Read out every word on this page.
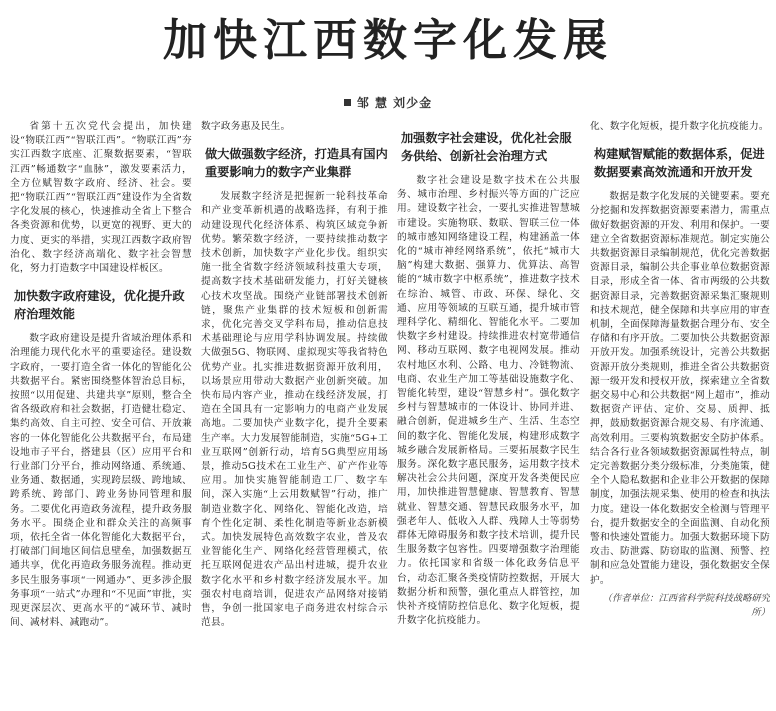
加快江西数字化发展
邹 慧 刘少金

省第十五次党代会提出，加快建设“物联江西”“智联江西”。“物联江西”夯实江西数字底座、汇聚数据要素，“智联江西”畅通数字“血脉”，激发要素活力，全方位赋智数字政府、经济、社会。要把“物联江西”“智联江西”建设作为全省数字化发展的核心，快速推动全省上下整合各类资源和优势，以更宽的视野、更大的力度、更实的举措，实现江西数字政府智治化、数字经济高端化、数字社会智慧化，努力打造数字中国建设样板区。

加快数字政府建设，优化提升政府治理效能

数字政府建设是提升省域治理体系和治理能力现代化水平的重要途径。建设数字政府，一要打造全省一体化的智能化公共数据平台。紧密围绕整体智治总目标，按照“以用促建、共建共享”原则，整合全省各级政府和社会数据，打造健壮稳定、集约高效、自主可控、安全可信、开放兼容的一体化智能化公共数据平台，布局建设地市子平台，搭建县（区）应用平台和行业部门分平台，推动网络通、系统通、业务通、数据通，实现跨层级、跨地域、跨系统、跨部门、跨业务协同管理和服务。二要优化再造政务流程，提升政务服务水平。围绕企业和群众关注的高频事项，依托全省一体化智能化大数据平台，打破部门间地区间信息壁垒，加强数据互通共享，优化再造政务服务流程。推动更多民生服务事项“一网通办”、更多涉企服务事项“一站式”办理和“不见面”审批，实现更深层次、更高水平的“减环节、减时间、减材料、减跑动”。

数字政务惠及民生。

做大做强数字经济，打造具有国内重要影响力的数字产业集群

发展数字经济是把握新一轮科技革命和产业变革新机遇的战略选择，有利于推动建设现代化经济体系、构筑区域竞争新优势。繁荣数字经济，一要持续推动数字技术创新，加快数字产业化步伐。组织实施一批全省数字经济领域科技重大专项，提高数字技术基础研发能力，打好关键核心技术攻坚战。围绕产业链部署技术创新链，聚焦产业集群的技术短板和创新需求，优化完善交叉学科布局，推动信息技术基础理论与应用学科协调发展。持续做大做强5G、物联网、虚拟现实等我省特色优势产业。扎实推进数据资源开放利用，以场景应用带动大数据产业创新突破。加快布局内容产业，推动在线经济发展，打造在全国具有一定影响力的电商产业发展高地。二要加快产业数字化，提升全要素生产率。大力发展智能制造，实施“5G+工业互联网”创新行动，培育5G典型应用场景，推动5G技术在工业生产、矿产作业等应用。加快实施智能制造工厂、数字车间，深入实施“上云用数赋智”行动，推广制造业数字化、网络化、智能化改造，培育个性化定制、柔性化制造等新业态新模式。加快发展特色高效数字农业，普及农业智能化生产、网络化经营管理模式，依托互联网促进农产品出村进城，提升农业数字化水平和乡村数字经济发展水平。加强农村电商培训，促进农产品网络对接销售，争创一批国家电子商务进农村综合示范县。

加强数字社会建设，优化社会服务供给、创新社会治理方式

数字社会建设是数字技术在公共服务、城市治理、乡村振兴等方面的广泛应用。建设数字社会，一要扎实推进智慧城市建设。实施物联、数联、智联三位一体的城市感知网络建设工程，构建涵盖一体化的“城市神经网络系统”，依托“城市大脑”构建大数据、强算力、优算法、高智能的“城市数字中枢系统”，推进数字技术在综治、城管、市政、环保、绿化、交通、应用等领域的互联互通，提升城市管理科学化、精细化、智能化水平。二要加快数字乡村建设。持续推进农村宽带通信网、移动互联网、数字电视网发展。推动农村地区水利、公路、电力、冷链物流、电商、农业生产加工等基础设施数字化、智能化转型，建设“智慧乡村”。强化数字乡村与智慧城市的一体设计、协同并进、融合创新，促进城乡生产、生活、生态空间的数字化、智能化发展，构建形成数字城乡融合发展新格局。三要拓展数字民生服务。深化数字惠民服务，运用数字技术解决社会公共问题，深度开发各类便民应用，加快推进智慧健康、智慧教育、智慧就业、智慧交通、智慧民政服务水平，加强老年人、低收入人群、残障人士等弱势群体无障碍服务和数字技术培训，提升民生服务数字包容性。四要增强数字治理能力。依托国家和省级一体化政务信息平台，动态汇聚各类疫情防控数据，开展大数据分析和预警，强化重点人群管控，加快补齐疫情防控信息化、数字化短板，提升数字化抗疫能力。

化、数字化短板，提升数字化抗疫能力。

构建赋智赋能的数据体系，促进数据要素高效流通和开放开发

数据是数字化发展的关键要素。要充分挖掘和发挥数据资源要素潜力，需重点做好数据资源的开发、利用和保护。一要建立全省数据资源标准规范。制定实施公共数据资源目录编制规范，优化完善数据资源目录，编制公共企事业单位数据资源目录，形成全省一体、省市两级的公共数据资源目录，完善数据资源采集汇聚规则和技术规范，健全保障和共享应用的审查机制，全面保障海量数据合理分布、安全存储和有序开放。二要加快公共数据资源开放开发。加强系统设计，完善公共数据资源开放分类规则，推进全省公共数据资源一级开发和授权开放，探索建立全省数据交易中心和公共数据“网上超市”，推动数据资产评估、定价、交易、质押、抵押，鼓励数据资源合规交易、有序流通、高效利用。三要构筑数据安全防护体系。结合各行业各领域数据资源属性特点，制定完善数据分类分级标准，分类施策，健全个人隐私数据和企业非公开数据的保障制度，加强法规采集、使用的检查和执法力度。建设一体化数据安全检测与管理平台，提升数据安全的全面监测、自动化预警和快速处置能力。加强大数据环境下防攻击、防泄露、防窃取的监测、预警、控制和应急处置能力建设，强化数据安全保护。

（作者单位：江西省科学院科技战略研究所）
